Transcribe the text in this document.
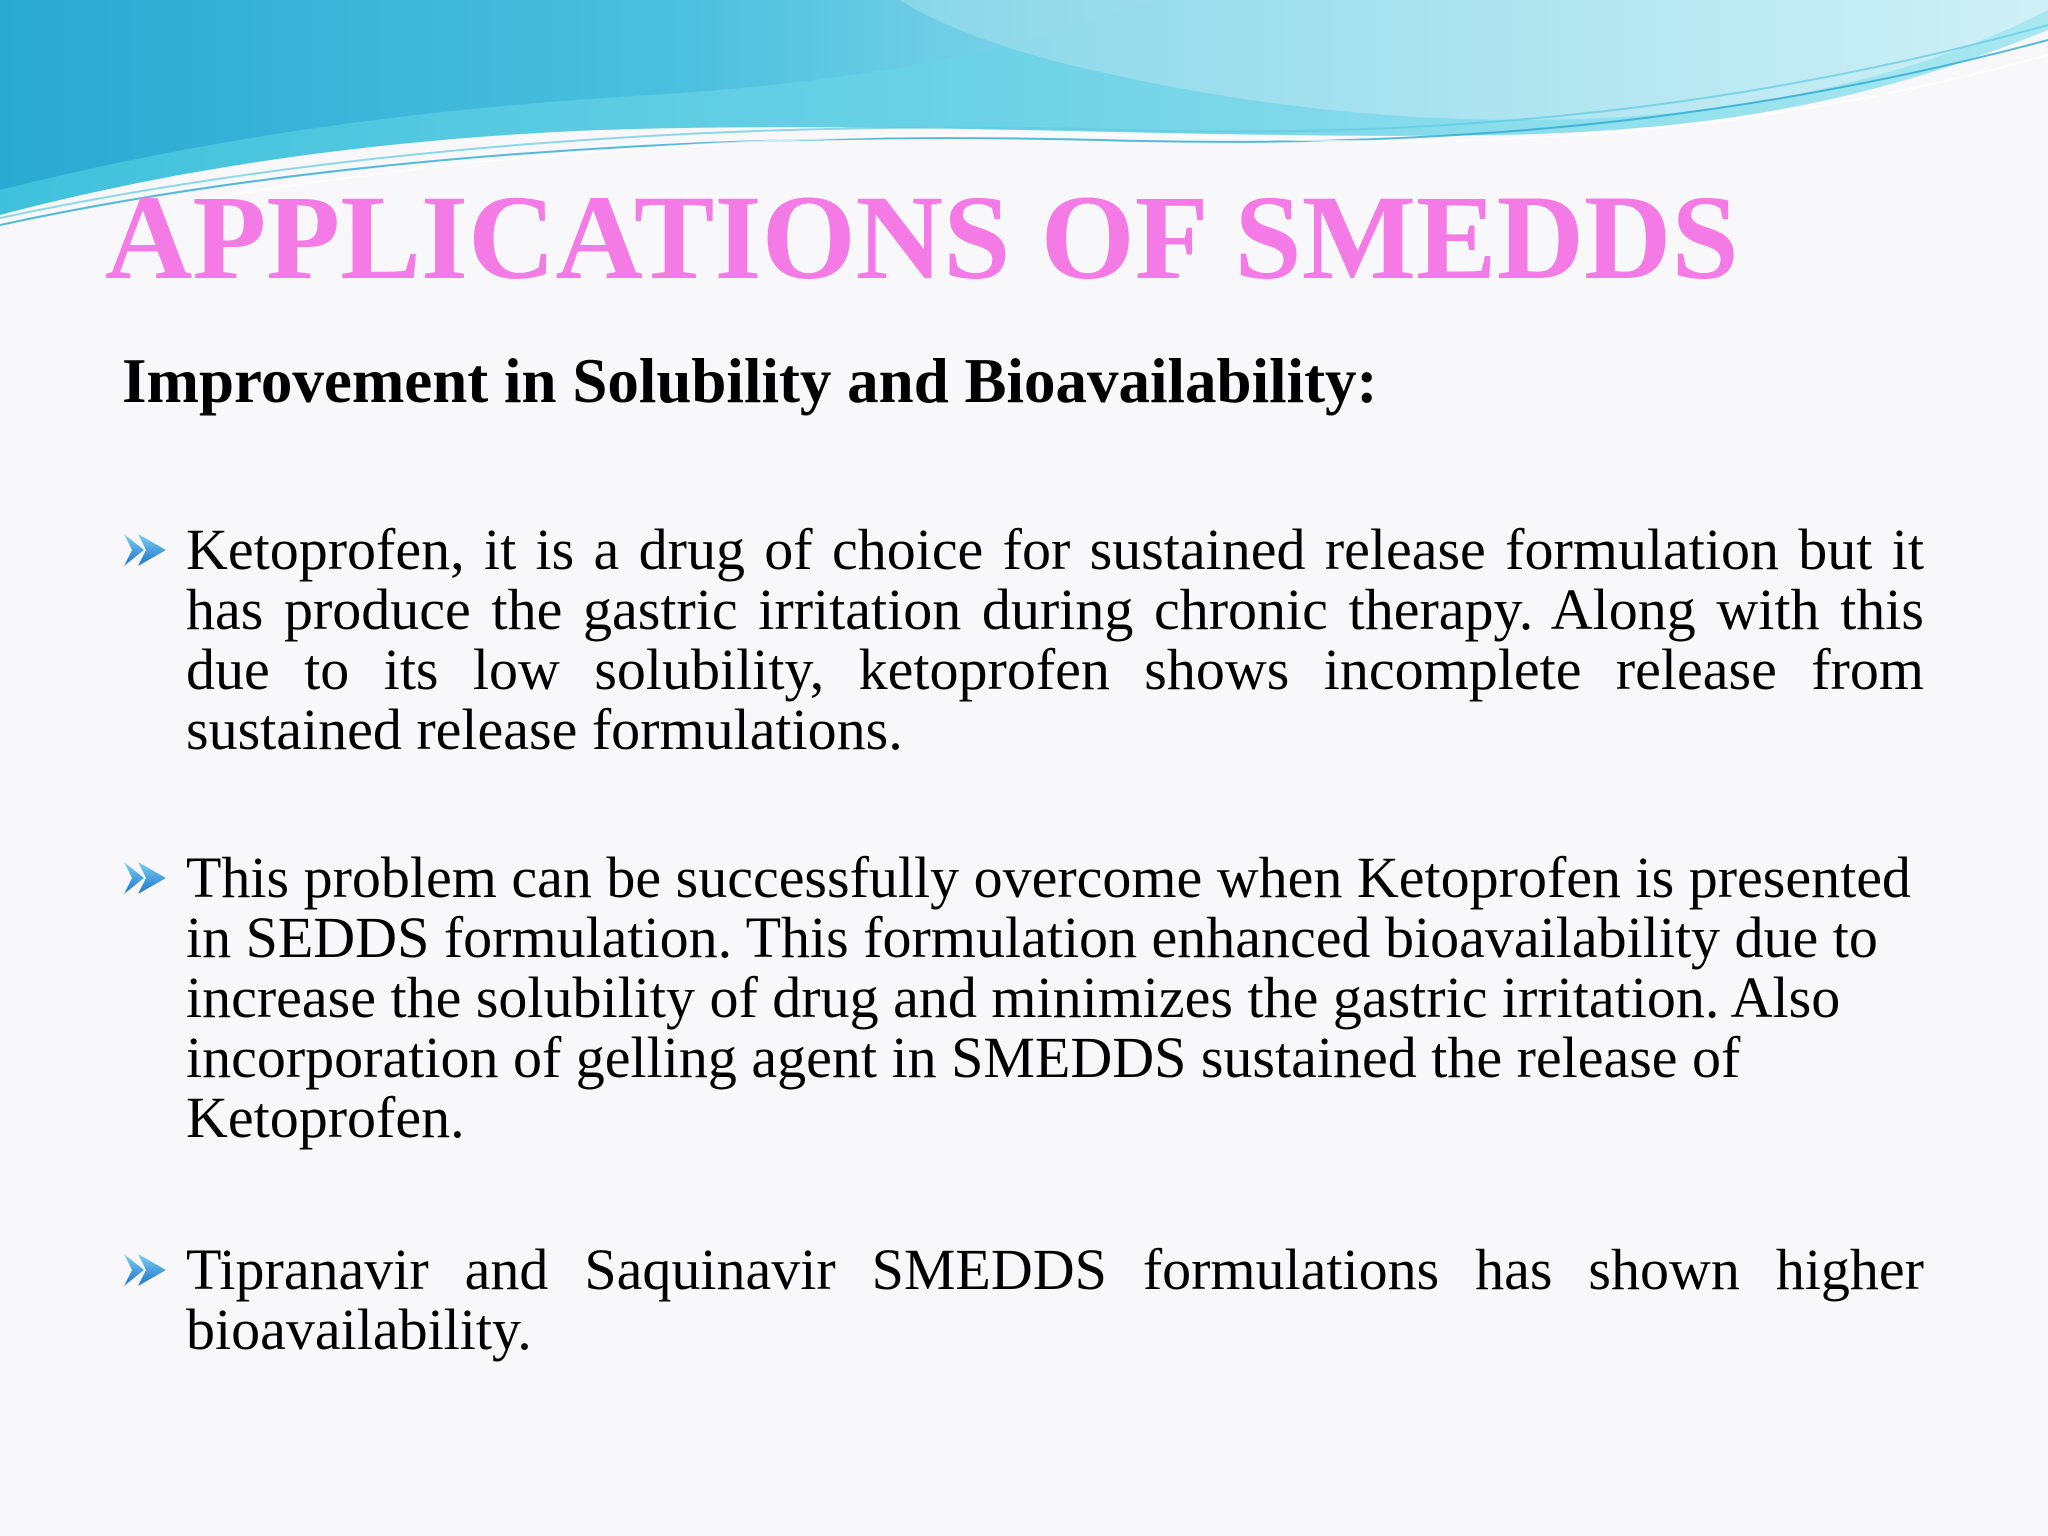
APPLICATIONS OF SMEDDS
Improvement in Solubility and Bioavailability:

Ketoprofen, it is a drug of choice for sustained release formulation but it has produce the gastric irritation during chronic therapy. Along with this due to its low solubility, ketoprofen shows incomplete release from sustained release formulations.

This problem can be successfully overcome when Ketoprofen is presented in SEDDS formulation. This formulation enhanced bioavailability due to increase the solubility of drug and minimizes the gastric irritation. Also incorporation of gelling agent in SMEDDS sustained the release of Ketoprofen.

Tipranavir and Saquinavir SMEDDS formulations has shown higher bioavailability.
